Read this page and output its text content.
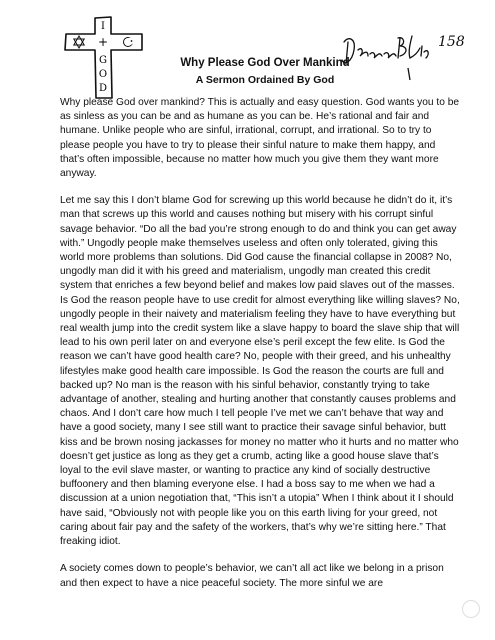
I
+
G
O
D
Why Please God Over Mankind
A Sermon Ordained By God
158

Why please God over mankind? This is actually and easy question. God wants you to be as sinless as you can be and as humane as you can be. He’s rational and fair and humane. Unlike people who are sinful, irrational, corrupt, and irrational. So to try to please people you have to try to please their sinful nature to make them happy, and that’s often impossible, because no matter how much you give them they want more anyway.

Let me say this I don’t blame God for screwing up this world because he didn’t do it, it’s man that screws up this world and causes nothing but misery with his corrupt sinful savage behavior. “Do all the bad you’re strong enough to do and think you can get away with.” Ungodly people make themselves useless and often only tolerated, giving this world more problems than solutions. Did God cause the financial collapse in 2008? No, ungodly man did it with his greed and materialism, ungodly man created this credit system that enriches a few beyond belief and makes low paid slaves out of the masses. Is God the reason people have to use credit for almost everything like willing slaves? No, ungodly people in their naivety and materialism feeling they have to have everything but real wealth jump into the credit system like a slave happy to board the slave ship that will lead to his own peril later on and everyone else’s peril except the few elite. Is God the reason we can’t have good health care? No, people with their greed, and his unhealthy lifestyles make good health care impossible. Is God the reason the courts are full and backed up? No man is the reason with his sinful behavior, constantly trying to take advantage of another, stealing and hurting another that constantly causes problems and chaos. And I don’t care how much I tell people I’ve met we can’t behave that way and have a good society, many I see still want to practice their savage sinful behavior, butt kiss and be brown nosing jackasses for money no matter who it hurts and no matter who doesn’t get justice as long as they get a crumb, acting like a good house slave that’s loyal to the evil slave master, or wanting to practice any kind of socially destructive buffoonery and then blaming everyone else. I had a boss say to me when we had a discussion at a union negotiation that, “This isn’t a utopia” When I think about it I should have said, “Obviously not with people like you on this earth living for your greed, not caring about fair pay and the safety of the workers, that’s why we’re sitting here.” That freaking idiot.

A society comes down to people’s behavior, we can’t all act like we belong in a prison and then expect to have a nice peaceful society. The more sinful we are
